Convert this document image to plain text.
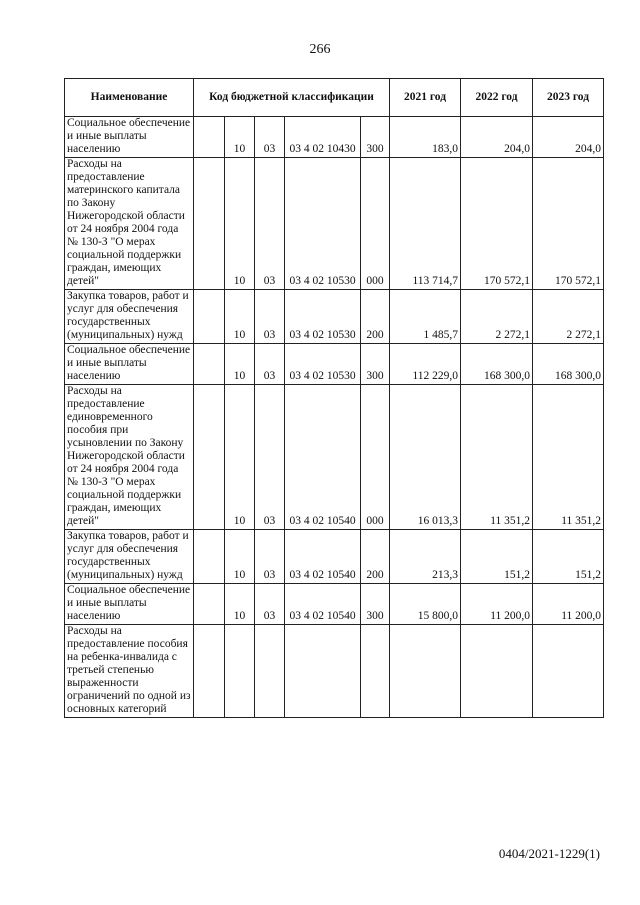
266
Наименование	Код бюджетной классификации					2021 год	2022 год	2023 год
Социальное обеспечение и иные выплаты населению		10	03	03 4 02 10430	300	183,0	204,0	204,0
Расходы на предоставление материнского капитала по Закону Нижегородской области от 24 ноября 2004 года № 130-З "О мерах социальной поддержки граждан, имеющих детей"		10	03	03 4 02 10530	000	113 714,7	170 572,1	170 572,1
Закупка товаров, работ и услуг для обеспечения государственных (муниципальных) нужд		10	03	03 4 02 10530	200	1 485,7	2 272,1	2 272,1
Социальное обеспечение и иные выплаты населению		10	03	03 4 02 10530	300	112 229,0	168 300,0	168 300,0
Расходы на предоставление единовременного пособия при усыновлении по Закону Нижегородской области от 24 ноября 2004 года № 130-З "О мерах социальной поддержки граждан, имеющих детей"		10	03	03 4 02 10540	000	16 013,3	11 351,2	11 351,2
Закупка товаров, работ и услуг для обеспечения государственных (муниципальных) нужд		10	03	03 4 02 10540	200	213,3	151,2	151,2
Социальное обеспечение и иные выплаты населению		10	03	03 4 02 10540	300	15 800,0	11 200,0	11 200,0
Расходы на предоставление пособия на ребенка-инвалида с третьей степенью выраженности ограничений по одной из основных категорий								
0404/2021-1229(1)
